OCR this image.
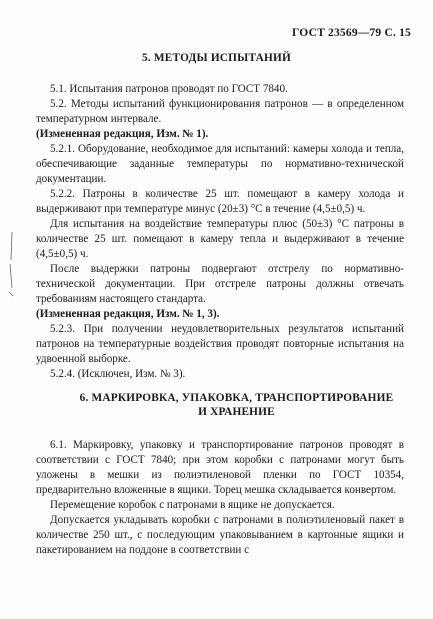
ГОСТ 23569—79 С. 15
5. МЕТОДЫ ИСПЫТАНИЙ

5.1. Испытания патронов проводят по ГОСТ 7840.

5.2. Методы испытаний функционирования патронов — в определенном температурном интервале.

(Измененная редакция, Изм. № 1).

5.2.1. Оборудование, необходимое для испытаний: камеры холода и тепла, обеспечивающие заданные температуры по нормативно-технической документации.

5.2.2. Патроны в количестве 25 шт. помещают в камеру холода и выдерживают при температуре минус (20±3) °С в течение (4,5±0,5) ч.

Для испытания на воздействие температуры плюс (50±3) °С патроны в количестве 25 шт. помещают в камеру тепла и выдерживают в течение (4,5±0,5) ч.

После выдержки патроны подвергают отстрелу по нормативно-технической документации. При отстреле патроны должны отвечать требованиям настоящего стандарта.

(Измененная редакция, Изм. № 1, 3).

5.2.3. При получении неудовлетворительных результатов испытаний патронов на температурные воздействия проводят повторные испытания на удвоенной выборке.

5.2.4. (Исключен, Изм. № 3).

6. МАРКИРОВКА, УПАКОВКА, ТРАНСПОРТИРОВАНИЕ
И ХРАНЕНИЕ

6.1. Маркировку, упаковку и транспортирование патронов проводят в соответствии с ГОСТ 7840; при этом коробки с патронами могут быть уложены в мешки из полиэтиленовой пленки по ГОСТ 10354, предварительно вложенные в ящики. Торец мешка складывается конвертом.

Перемещение коробок с патронами в ящике не допускается.

Допускается укладывать коробки с патронами в полиэтиленовый пакет в количестве 250 шт., с последующим упаковыванием в картонные ящики и пакетированием на поддоне в соответствии с
